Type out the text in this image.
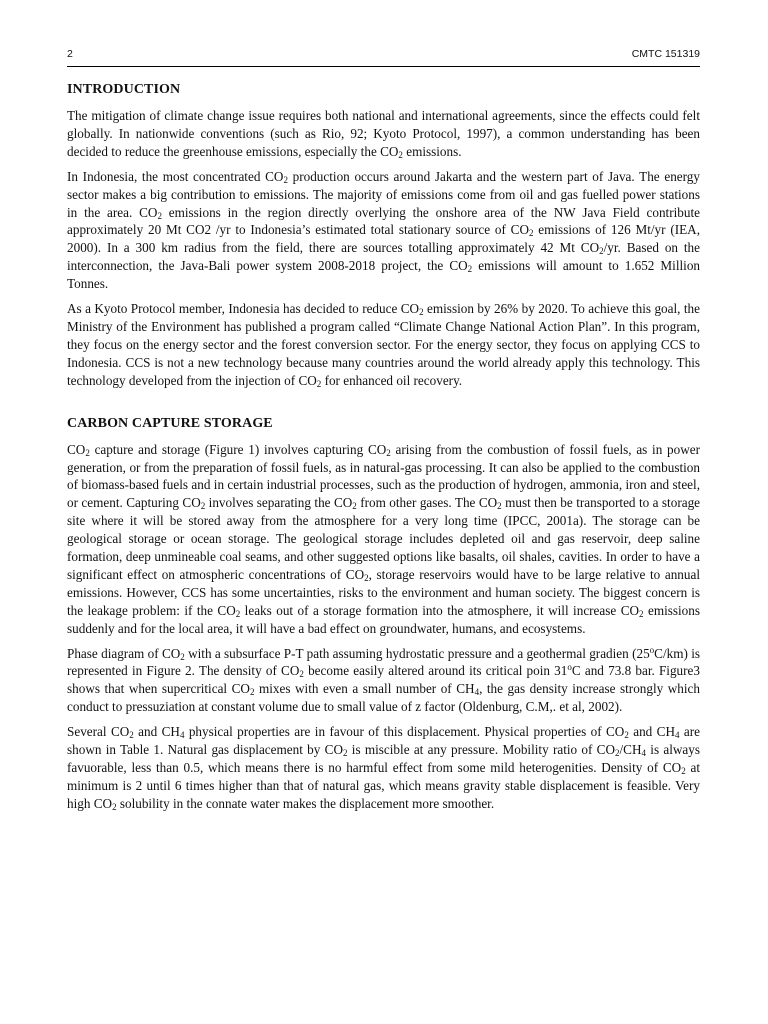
2	CMTC 151319
INTRODUCTION

The mitigation of climate change issue requires both national and international agreements, since the effects could felt globally. In nationwide conventions (such as Rio, 92; Kyoto Protocol, 1997), a common understanding has been decided to reduce the greenhouse emissions, especially the $CO_2$ emissions.

In Indonesia, the most concentrated $CO_2$ production occurs around Jakarta and the western part of Java. The energy sector makes a big contribution to emissions. The majority of emissions come from oil and gas fuelled power stations in the area. $CO_2$ emissions in the region directly overlying the onshore area of the NW Java Field contribute approximately 20 Mt CO2 /yr to Indonesia’s estimated total stationary source of $CO_2$ emissions of 126 Mt/yr (IEA, 2000). In a 300 km radius from the field, there are sources totalling approximately 42 Mt $CO_2/yr$. Based on the interconnection, the Java-Bali power system 2008-2018 project, the $CO_2$ emissions will amount to 1.652 Million Tonnes.

As a Kyoto Protocol member, Indonesia has decided to reduce $CO_2$ emission by 26% by 2020. To achieve this goal, the Ministry of the Environment has published a program called “Climate Change National Action Plan”. In this program, they focus on the energy sector and the forest conversion sector. For the energy sector, they focus on applying CCS to Indonesia. CCS is not a new technology because many countries around the world already apply this technology. This technology developed from the injection of $CO_2$ for enhanced oil recovery.

CARBON CAPTURE STORAGE

$CO_2$ capture and storage (Figure 1) involves capturing $CO_2$ arising from the combustion of fossil fuels, as in power generation, or from the preparation of fossil fuels, as in natural-gas processing. It can also be applied to the combustion of biomass-based fuels and in certain industrial processes, such as the production of hydrogen, ammonia, iron and steel, or cement. Capturing $CO_2$ involves separating the $CO_2$ from other gases. The $CO_2$ must then be transported to a storage site where it will be stored away from the atmosphere for a very long time (IPCC, 2001a). The storage can be geological storage or ocean storage. The geological storage includes depleted oil and gas reservoir, deep saline formation, deep unmineable coal seams, and other suggested options like basalts, oil shales, cavities. In order to have a significant effect on atmospheric concentrations of $CO_2$, storage reservoirs would have to be large relative to annual emissions. However, CCS has some uncertainties, risks to the environment and human society. The biggest concern is the leakage problem: if the $CO_2$ leaks out of a storage formation into the atmosphere, it will increase $CO_2$ emissions suddenly and for the local area, it will have a bad effect on groundwater, humans, and ecosystems.

Phase diagram of $CO_2$ with a subsurface P-T path assuming hydrostatic pressure and a geothermal gradien (25$^o$C/km) is represented in Figure 2. The density of $CO_2$ become easily altered around its critical poin 31$^o$C and 73.8 bar. Figure3 shows that when supercritical $CO_2$ mixes with even a small number of $CH_4$, the gas density increase strongly which conduct to pressuziation at constant volume due to small value of z factor (Oldenburg, C.M,. et al, 2002).

Several $CO_2$ and $CH_4$ physical properties are in favour of this displacement. Physical properties of $CO_2$ and $CH_4$ are shown in Table 1. Natural gas displacement by $CO_2$ is miscible at any pressure. Mobility ratio of $CO_2/CH_4$ is always favuorable, less than 0.5, which means there is no harmful effect from some mild heterogenities. Density of $CO_2$ at minimum is 2 until 6 times higher than that of natural gas, which means gravity stable displacement is feasible. Very high $CO_2$ solubility in the connate water makes the displacement more smoother.
